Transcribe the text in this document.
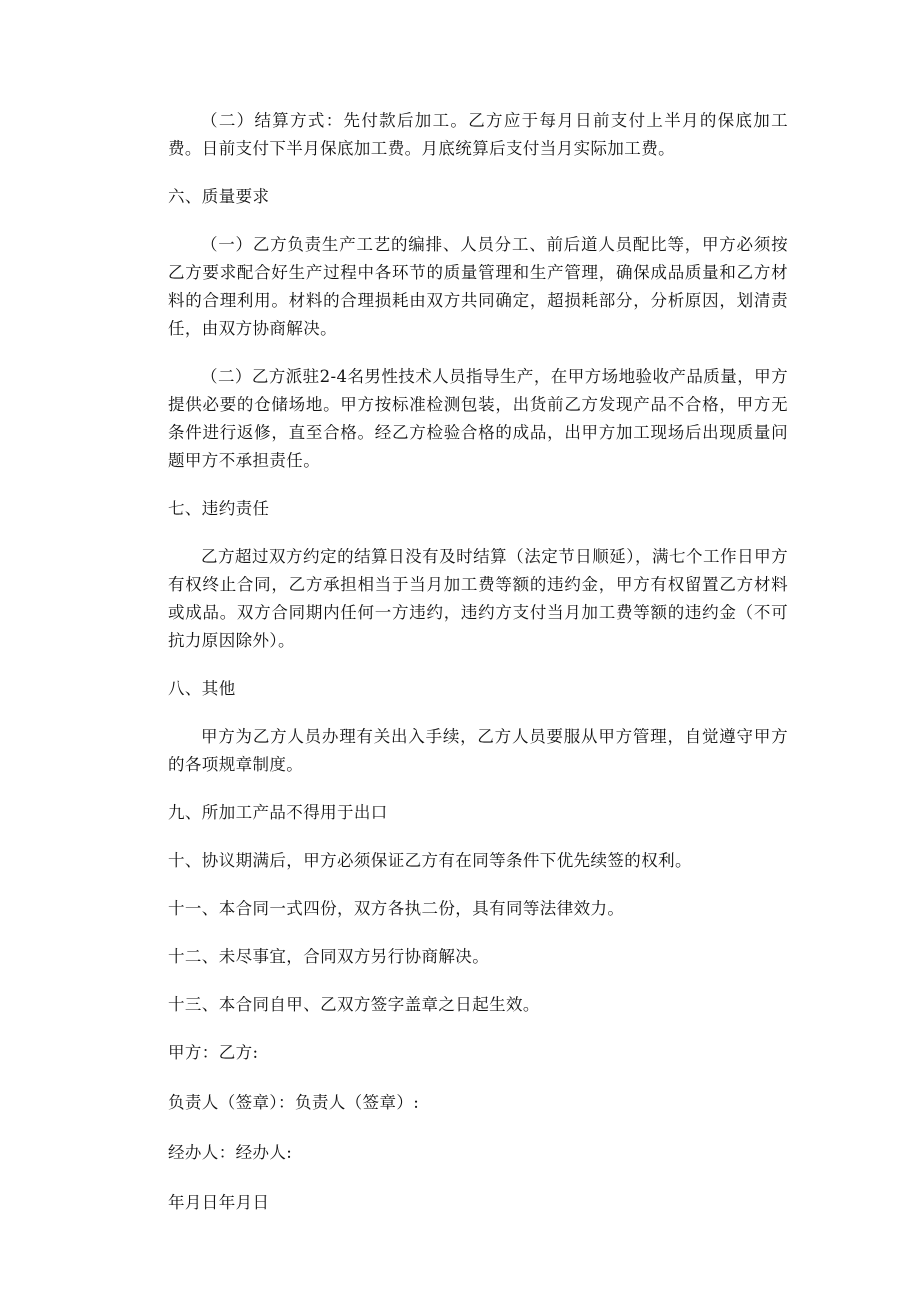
（二）结算方式：先付款后加工。乙方应于每月日前支付上半月的保底加工费。日前支付下半月保底加工费。月底统算后支付当月实际加工费。

六、质量要求

（一）乙方负责生产工艺的编排、人员分工、前后道人员配比等，甲方必须按乙方要求配合好生产过程中各环节的质量管理和生产管理，确保成品质量和乙方材料的合理利用。材料的合理损耗由双方共同确定，超损耗部分，分析原因，划清责任，由双方协商解决。

（二）乙方派驻2-4名男性技术人员指导生产，在甲方场地验收产品质量，甲方提供必要的仓储场地。甲方按标准检测包装，出货前乙方发现产品不合格，甲方无条件进行返修，直至合格。经乙方检验合格的成品，出甲方加工现场后出现质量问题甲方不承担责任。

七、违约责任

乙方超过双方约定的结算日没有及时结算（法定节日顺延），满七个工作日甲方有权终止合同，乙方承担相当于当月加工费等额的违约金，甲方有权留置乙方材料或成品。双方合同期内任何一方违约，违约方支付当月加工费等额的违约金（不可抗力原因除外）。

八、其他

甲方为乙方人员办理有关出入手续，乙方人员要服从甲方管理，自觉遵守甲方的各项规章制度。

九、所加工产品不得用于出口

十、协议期满后，甲方必须保证乙方有在同等条件下优先续签的权利。

十一、本合同一式四份，双方各执二份，具有同等法律效力。

十二、未尽事宜，合同双方另行协商解决。

十三、本合同自甲、乙双方签字盖章之日起生效。

甲方：乙方:

负责人（签章）：负责人（签章）:

经办人：经办人:

年月日年月日
